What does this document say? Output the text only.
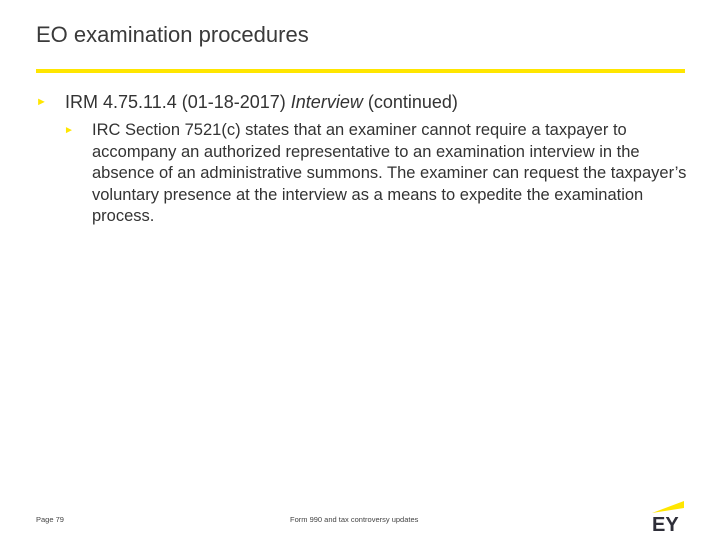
EO examination procedures
►	IRM 4.75.11.4 (01-18-2017) Interview (continued)
►	IRC Section 7521(c) states that an examiner cannot require a taxpayer to accompany an authorized representative to an examination interview in the absence of an administrative summons. The examiner can request the taxpayer’s voluntary presence at the interview as a means to expedite the examination process.
Page 79	Form 990 and tax controversy updates	EY
